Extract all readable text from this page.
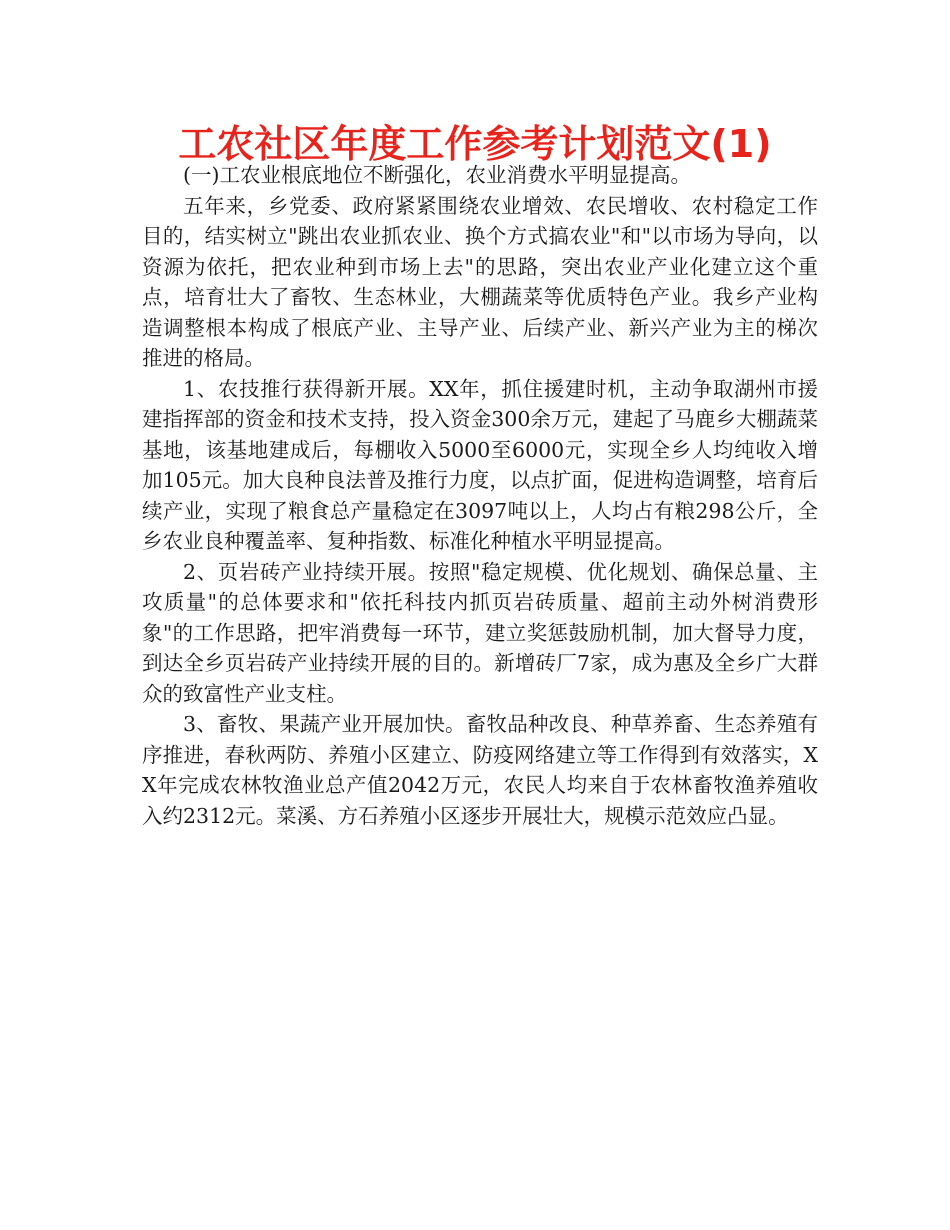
工农社区年度工作参考计划范文(1)

(一)工农业根底地位不断强化，农业消费水平明显提高。

五年来，乡党委、政府紧紧围绕农业增效、农民增收、农村稳定工作目的，结实树立"跳出农业抓农业、换个方式搞农业"和"以市场为导向，以资源为依托，把农业种到市场上去"的思路，突出农业产业化建立这个重点，培育壮大了畜牧、生态林业，大棚蔬菜等优质特色产业。我乡产业构造调整根本构成了根底产业、主导产业、后续产业、新兴产业为主的梯次推进的格局。

1、农技推行获得新开展。XX年，抓住援建时机，主动争取湖州市援建指挥部的资金和技术支持，投入资金300余万元，建起了马鹿乡大棚蔬菜基地，该基地建成后，每棚收入5000至6000元，实现全乡人均纯收入增加105元。加大良种良法普及推行力度，以点扩面，促进构造调整，培育后续产业，实现了粮食总产量稳定在3097吨以上，人均占有粮298公斤，全乡农业良种覆盖率、复种指数、标准化种植水平明显提高。

2、页岩砖产业持续开展。按照"稳定规模、优化规划、确保总量、主攻质量"的总体要求和"依托科技内抓页岩砖质量、超前主动外树消费形象"的工作思路，把牢消费每一环节，建立奖惩鼓励机制，加大督导力度，到达全乡页岩砖产业持续开展的目的。新增砖厂7家，成为惠及全乡广大群众的致富性产业支柱。

3、畜牧、果蔬产业开展加快。畜牧品种改良、种草养畜、生态养殖有序推进，春秋两防、养殖小区建立、防疫网络建立等工作得到有效落实，XX年完成农林牧渔业总产值2042万元，农民人均来自于农林畜牧渔养殖收入约2312元。菜溪、方石养殖小区逐步开展壮大，规模示范效应凸显。
